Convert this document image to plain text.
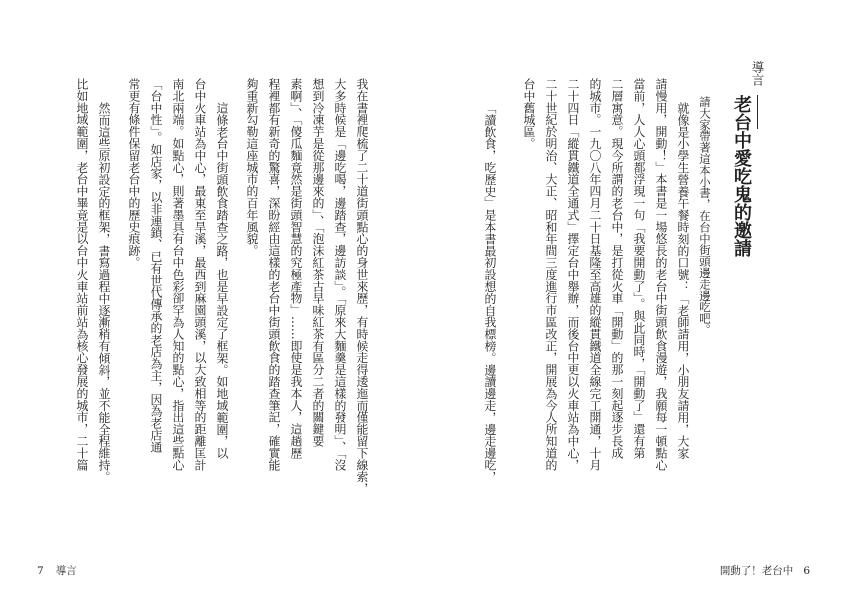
我在書裡爬梳了二十道街頭點心的身世來歷，有時候走得逶迤而僅能留下線索，
大多時候是「邊吃喝，邊踏查，邊訪談」。「原來大麵羹是這樣的發明」、「沒
想到冷凍芋是從那邊來的」、「泡沫紅茶古早味紅茶有區分二者的關鍵要
素啊」、「傻瓜麵竟然是街頭智慧的究極產物」……即使是我本人，這趟歷
程裡都有新奇的驚喜，深盼經由這樣的老台中街頭飲食的踏查筆記，確實能
夠重新勾勒這座城市的百年風貌。
這條老台中街頭飲食踏查之路，也是早設定了框架。如地域範圍，以
台中火車站為中心，最東至旱溪，最西到麻園頭溪，以大致相等的距離匡計
南北兩端。如點心，則著墨具有台中色彩卻罕為人知的點心，指出這些點心
「台中性」。如店家，以非連鎖、已有世代傳承的老店為主，因為老店通
常更有條件保留老台中的歷史痕跡。
然而這些原初設定的框架，書寫過程中逐漸稍有傾斜，並不能全程維持。
比如地域範圍，老台中畢竟是以台中火車站前站為核心發展的城市，二十篇
7 導言
導言
老台中愛吃鬼的邀請
請大家帶著這本小書，在台中街頭邊走邊吃吧。
就像是小學生營養午餐時刻的口號：「老師請用，小朋友請用，大家
請慢用，開動！」本書是一場悠長的老台中街頭飲食漫遊，我願每一頓點心
當前，人人心頭都浮現一句「我要開動了」。與此同時，「開動了」還有第
二層寓意。現今所謂的老台中，是打從火車「開動」的那一刻起逐步長成
的城市。一九〇八年四月二十日基隆至高雄的縱貫鐵道全線完工開通，十月
二十四日「縱貫鐵道全通式」擇定台中舉辦，而後台中更以火車站為中心，
二十世紀於明治、大正、昭和年間三度進行市區改正，開展為今人所知道的
台中舊城區。
「讀飲食，吃歷史」是本書最初設想的自我標榜。邊讀邊走，邊走邊吃，
開動了！老台中 6
